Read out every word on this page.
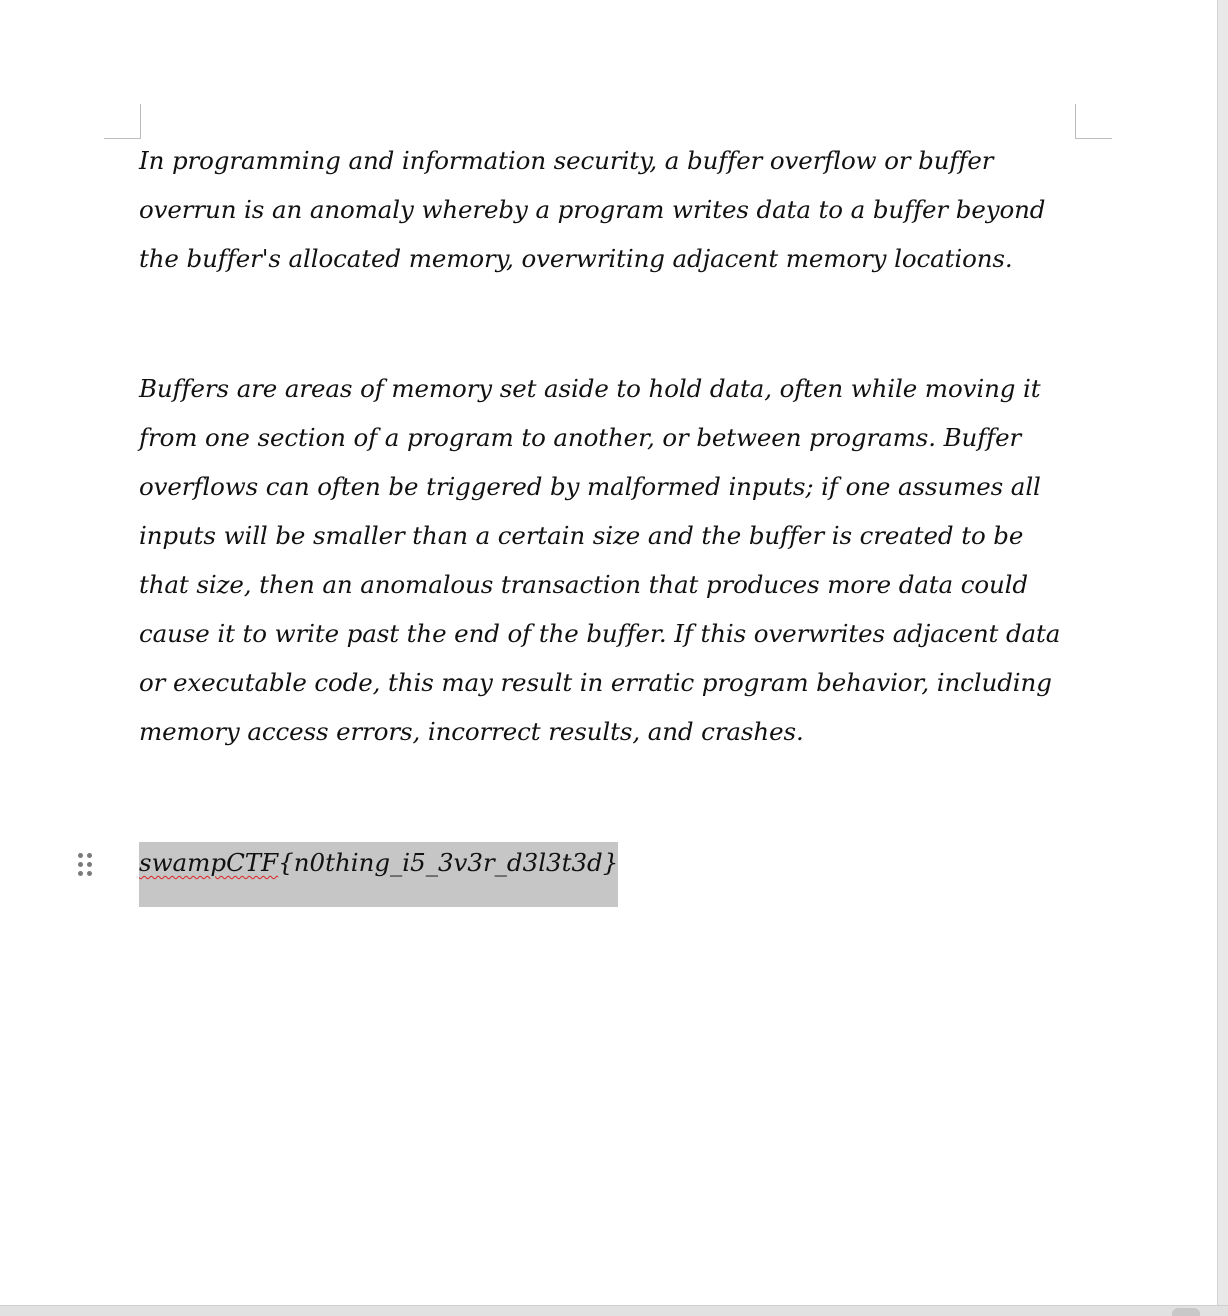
In programming and information security, a buffer overflow or buffer overrun is an anomaly whereby a program writes data to a buffer beyond the buffer's allocated memory, overwriting adjacent memory locations.

Buffers are areas of memory set aside to hold data, often while moving it from one section of a program to another, or between programs. Buffer overflows can often be triggered by malformed inputs; if one assumes all inputs will be smaller than a certain size and the buffer is created to be that size, then an anomalous transaction that produces more data could cause it to write past the end of the buffer. If this overwrites adjacent data or executable code, this may result in erratic program behavior, including memory access errors, incorrect results, and crashes.

swampCTF{n0thing_i5_3v3r_d3l3t3d}
